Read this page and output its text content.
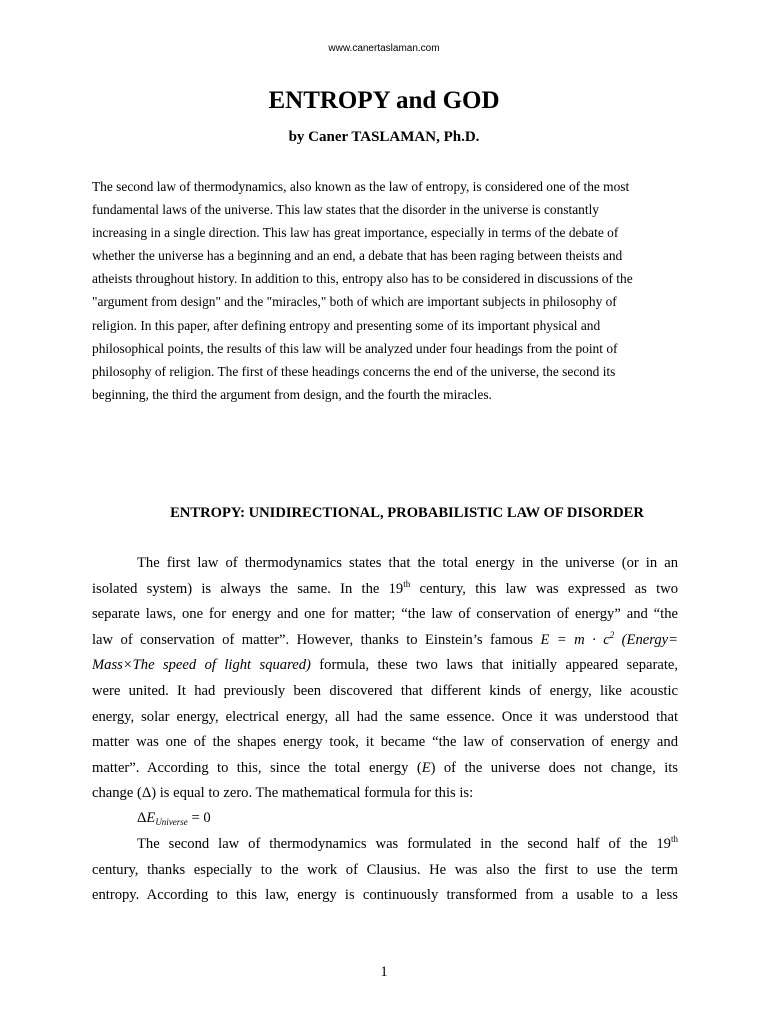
www.canertaslaman.com
ENTROPY and GOD
by Caner TASLAMAN, Ph.D.

The second law of thermodynamics, also known as the law of entropy, is considered one of the most
fundamental laws of the universe. This law states that the disorder in the universe is constantly
increasing in a single direction. This law has great importance, especially in terms of the debate of
whether the universe has a beginning and an end, a debate that has been raging between theists and
atheists throughout history. In addition to this, entropy also has to be considered in discussions of the
"argument from design" and the "miracles," both of which are important subjects in philosophy of
religion. In this paper, after defining entropy and presenting some of its important physical and
philosophical points, the results of this law will be analyzed under four headings from the point of
philosophy of religion. The first of these headings concerns the end of the universe, the second its
beginning, the third the argument from design, and the fourth the miracles.

ENTROPY: UNIDIRECTIONAL, PROBABILISTIC LAW OF DISORDER

The first law of thermodynamics states that the total energy in the universe (or in an
isolated system) is always the same. In the 19th century, this law was expressed as two
separate laws, one for energy and one for matter; “the law of conservation of energy” and “the
law of conservation of matter”. However, thanks to Einstein’s famous $E = m \cdot c^2$ (Energy=
Mass×The speed of light squared) formula, these two laws that initially appeared separate,
were united. It had previously been discovered that different kinds of energy, like acoustic
energy, solar energy, electrical energy, all had the same essence. Once it was understood that
matter was one of the shapes energy took, it became “the law of conservation of energy and
matter”. According to this, since the total energy (E) of the universe does not change, its
change (Δ) is equal to zero. The mathematical formula for this is:

$\Delta E_{Universe} = 0$

The second law of thermodynamics was formulated in the second half of the 19th
century, thanks especially to the work of Clausius. He was also the first to use the term
entropy. According to this law, energy is continuously transformed from a usable to a less

1
